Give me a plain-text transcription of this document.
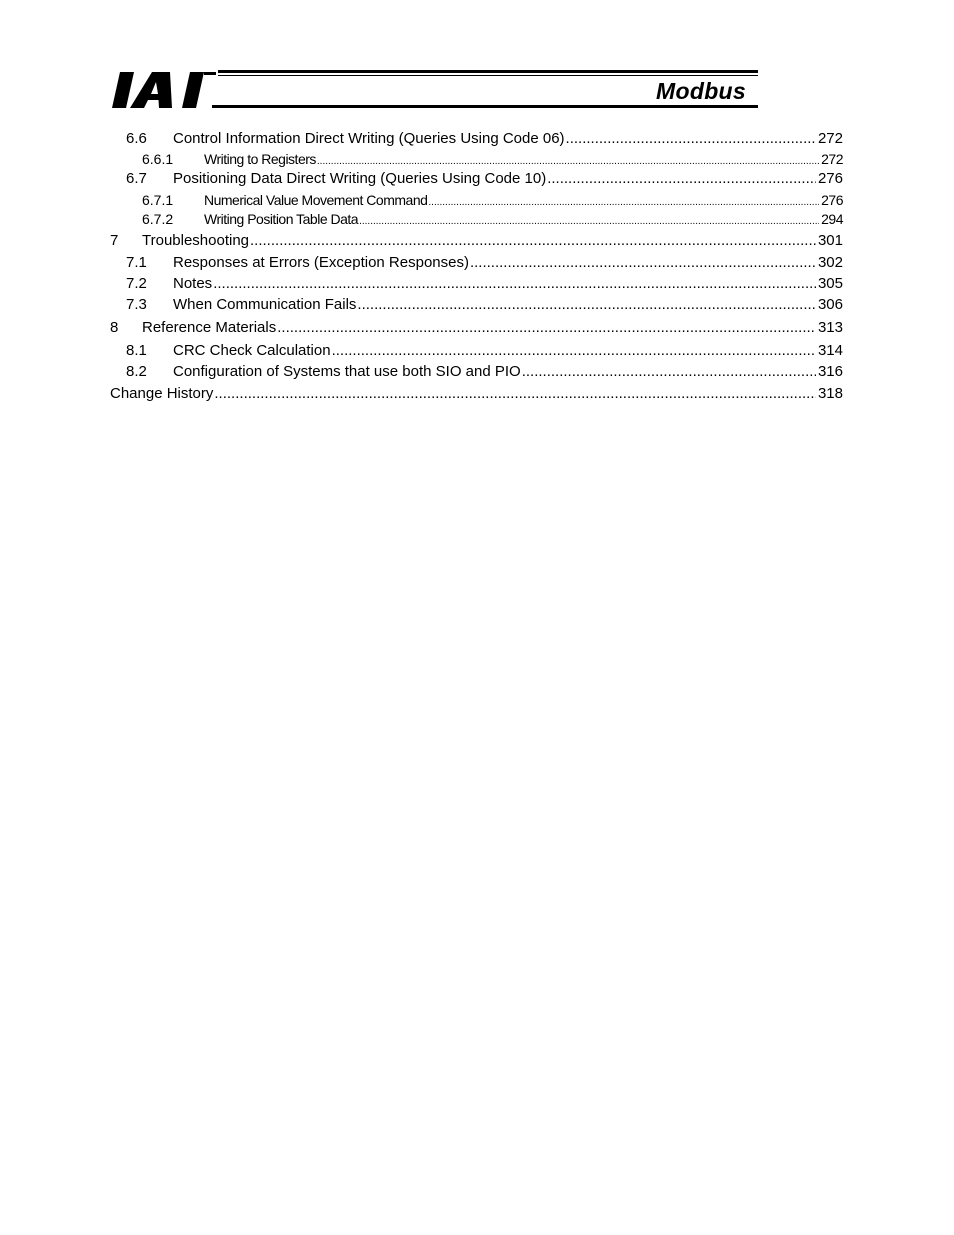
Modbus
6.6	Control Information Direct Writing (Queries Using Code 06) .....	272
6.6.1	Writing to Registers .....	272
6.7	Positioning Data Direct Writing (Queries Using Code 10) .....	276
6.7.1	Numerical Value Movement Command .....	276
6.7.2	Writing Position Table Data .....	294
7	Troubleshooting .....	301
7.1	Responses at Errors (Exception Responses) .....	302
7.2	Notes .....	305
7.3	When Communication Fails .....	306
8	Reference Materials .....	313
8.1	CRC Check Calculation .....	314
8.2	Configuration of Systems that use both SIO and PIO .....	316
Change History .....	318
